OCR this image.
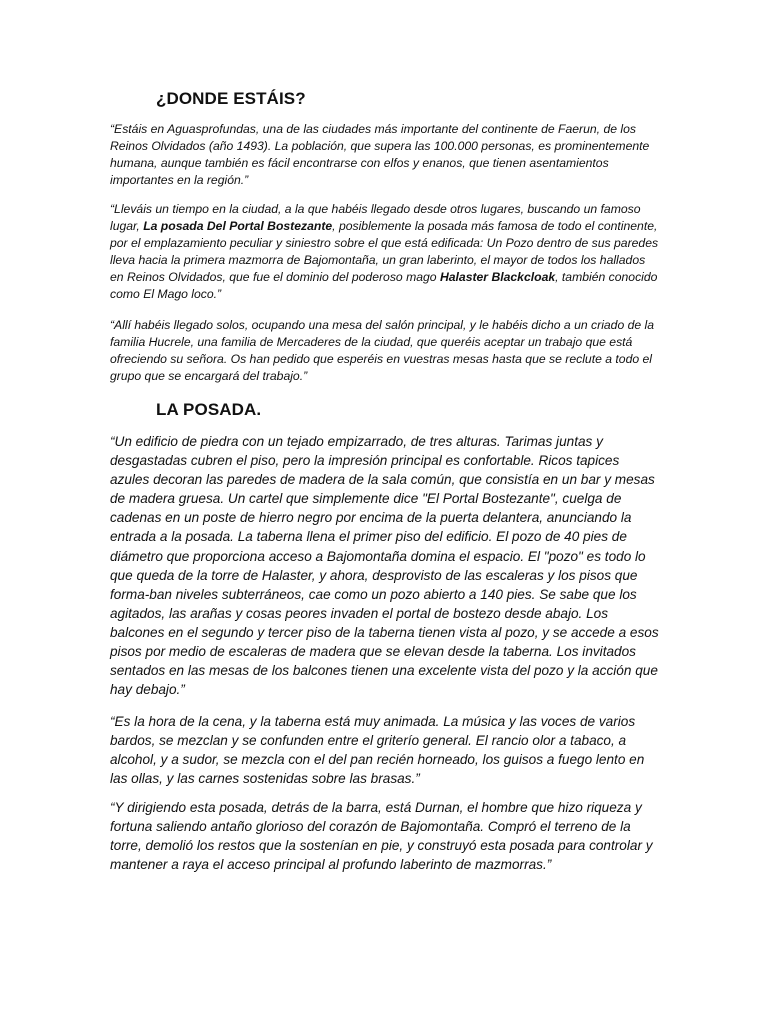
¿DONDE ESTÁIS?

“Estáis en Aguasprofundas, una de las ciudades más importante del continente de Faerun, de los Reinos Olvidados (año 1493). La población, que supera las 100.000 personas, es prominentemente humana, aunque también es fácil encontrarse con elfos y enanos, que tienen asentamientos importantes en la región.”

“Lleváis un tiempo en la ciudad, a la que habéis llegado desde otros lugares, buscando un famoso lugar, La posada Del Portal Bostezante, posiblemente la posada más famosa de todo el continente, por el emplazamiento peculiar y siniestro sobre el que está edificada: Un Pozo dentro de sus paredes lleva hacia la primera mazmorra de Bajomontaña, un gran laberinto, el mayor de todos los hallados en Reinos Olvidados, que fue el dominio del poderoso mago Halaster Blackcloak, también conocido como El Mago loco.”

“Allí habéis llegado solos, ocupando una mesa del salón principal, y le habéis dicho a un criado de la familia Hucrele, una familia de Mercaderes de la ciudad, que queréis aceptar un trabajo que está ofreciendo su señora. Os han pedido que esperéis en vuestras mesas hasta que se reclute a todo el grupo que se encargará del trabajo.”

LA POSADA.

“Un edificio de piedra con un tejado empizarrado, de tres alturas. Tarimas juntas y desgastadas cubren el piso, pero la impresión principal es confortable. Ricos tapices azules decoran las paredes de madera de la sala común, que consistía en un bar y mesas de madera gruesa. Un cartel que simplemente dice "El Portal Bostezante", cuelga de cadenas en un poste de hierro negro por encima de la puerta delantera, anunciando la entrada a la posada. La taberna llena el primer piso del edificio. El pozo de 40 pies de diámetro que proporciona acceso a Bajomontaña domina el espacio. El "pozo" es todo lo que queda de la torre de Halaster, y ahora, desprovisto de las escaleras y los pisos que forma-ban niveles subterráneos, cae como un pozo abierto a 140 pies. Se sabe que los agitados, las arañas y cosas peores invaden el portal de bostezo desde abajo. Los balcones en el segundo y tercer piso de la taberna tienen vista al pozo, y se accede a esos pisos por medio de escaleras de madera que se elevan desde la taberna. Los invitados sentados en las mesas de los balcones tienen una excelente vista del pozo y la acción que hay debajo.”

“Es la hora de la cena, y la taberna está muy animada. La música y las voces de varios bardos, se mezclan y se confunden entre el griterío general. El rancio olor a tabaco, a alcohol, y a sudor, se mezcla con el del pan recién horneado, los guisos a fuego lento en las ollas, y las carnes sostenidas sobre las brasas.”

“Y dirigiendo esta posada, detrás de la barra, está Durnan, el hombre que hizo riqueza y fortuna saliendo antaño glorioso del corazón de Bajomontaña. Compró el terreno de la torre, demolió los restos que la sostenían en pie, y construyó esta posada para controlar y mantener a raya el acceso principal al profundo laberinto de mazmorras.”
